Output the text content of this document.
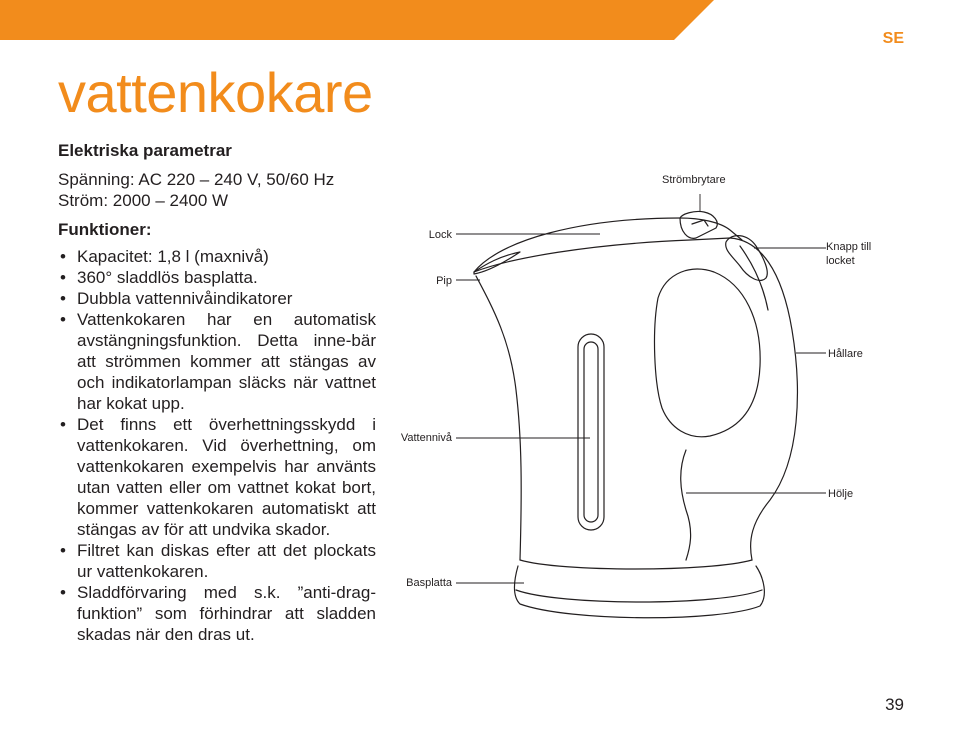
SE
vattenkokare

Elektriska parametrar

Spänning: AC 220 – 240 V, 50/60 Hz
Ström: 2000 – 2400 W

Funktioner:

• Kapacitet: 1,8 l (maxnivå)
• 360° sladdlös basplatta.
• Dubbla vattennivåindikatorer
• Vattenkokaren har en automatisk avstängningsfunktion. Detta inne-bär att strömmen kommer att stängas av och indikatorlampan släcks när vattnet har kokat upp.
• Det finns ett överhettningsskydd i vattenkokaren. Vid överhettning, om vattenkokaren exempelvis har använts utan vatten eller om vattnet kokat bort, kommer vattenkokaren automatiskt att stängas av för att undvika skador.
• Filtret kan diskas efter att det plockats ur vattenkokaren.
• Sladdförvaring med s.k. ”anti-drag-funktion” som förhindrar att sladden skadas när den dras ut.
Strömbrytare
Lock
Pip
Knapp till
locket
Hållare
Vattennivå
Hölje
Basplatta
39
